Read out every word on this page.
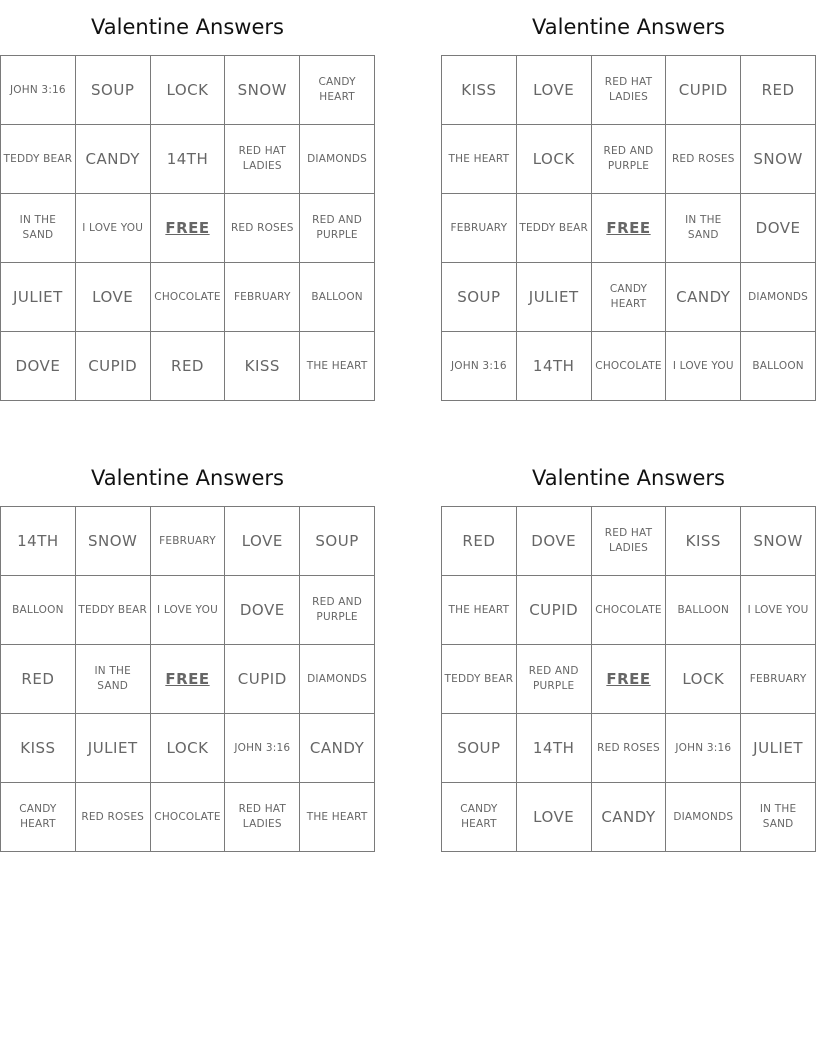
Valentine Answers
JOHN 3:16	SOUP	LOCK	SNOW	CANDY HEART
TEDDY BEAR	CANDY	14TH	RED HAT LADIES	DIAMONDS
IN THE SAND	I LOVE YOU	FREE	RED ROSES	RED AND PURPLE
JULIET	LOVE	CHOCOLATE	FEBRUARY	BALLOON
DOVE	CUPID	RED	KISS	THE HEART
Valentine Answers
KISS	LOVE	RED HAT LADIES	CUPID	RED
THE HEART	LOCK	RED AND PURPLE	RED ROSES	SNOW
FEBRUARY	TEDDY BEAR	FREE	IN THE SAND	DOVE
SOUP	JULIET	CANDY HEART	CANDY	DIAMONDS
JOHN 3:16	14TH	CHOCOLATE	I LOVE YOU	BALLOON
Valentine Answers
14TH	SNOW	FEBRUARY	LOVE	SOUP
BALLOON	TEDDY BEAR	I LOVE YOU	DOVE	RED AND PURPLE
RED	IN THE SAND	FREE	CUPID	DIAMONDS
KISS	JULIET	LOCK	JOHN 3:16	CANDY
CANDY HEART	RED ROSES	CHOCOLATE	RED HAT LADIES	THE HEART
Valentine Answers
RED	DOVE	RED HAT LADIES	KISS	SNOW
THE HEART	CUPID	CHOCOLATE	BALLOON	I LOVE YOU
TEDDY BEAR	RED AND PURPLE	FREE	LOCK	FEBRUARY
SOUP	14TH	RED ROSES	JOHN 3:16	JULIET
CANDY HEART	LOVE	CANDY	DIAMONDS	IN THE SAND
